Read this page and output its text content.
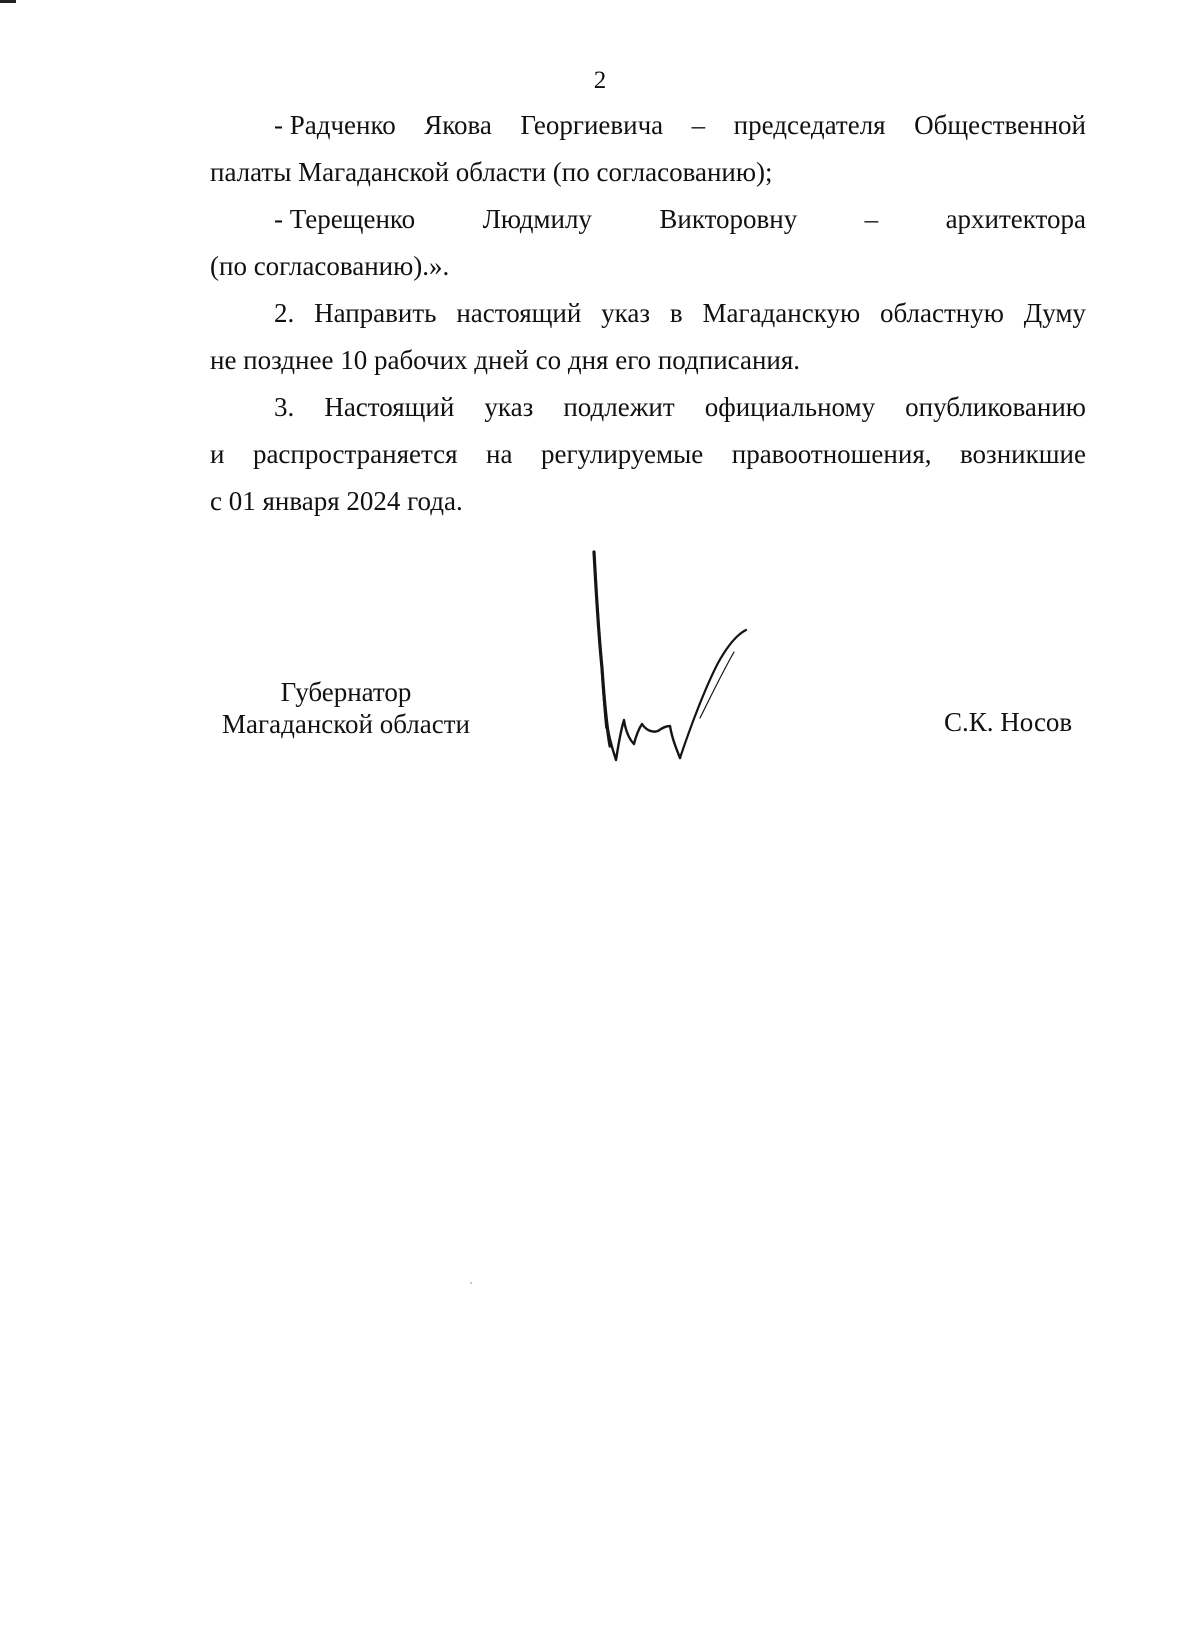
2
- Радченко Якова Георгиевича – председателя Общественной
палаты Магаданской области (по согласованию);
- Терещенко Людмилу Викторовну – архитектора
(по согласованию).».
2. Направить настоящий указ в Магаданскую областную Думу
не позднее 10 рабочих дней со дня его подписания.
3. Настоящий указ подлежит официальному опубликованию
и распространяется на регулируемые правоотношения, возникшие
с 01 января 2024 года.
Губернатор
Магаданской области	С.К. Носов
